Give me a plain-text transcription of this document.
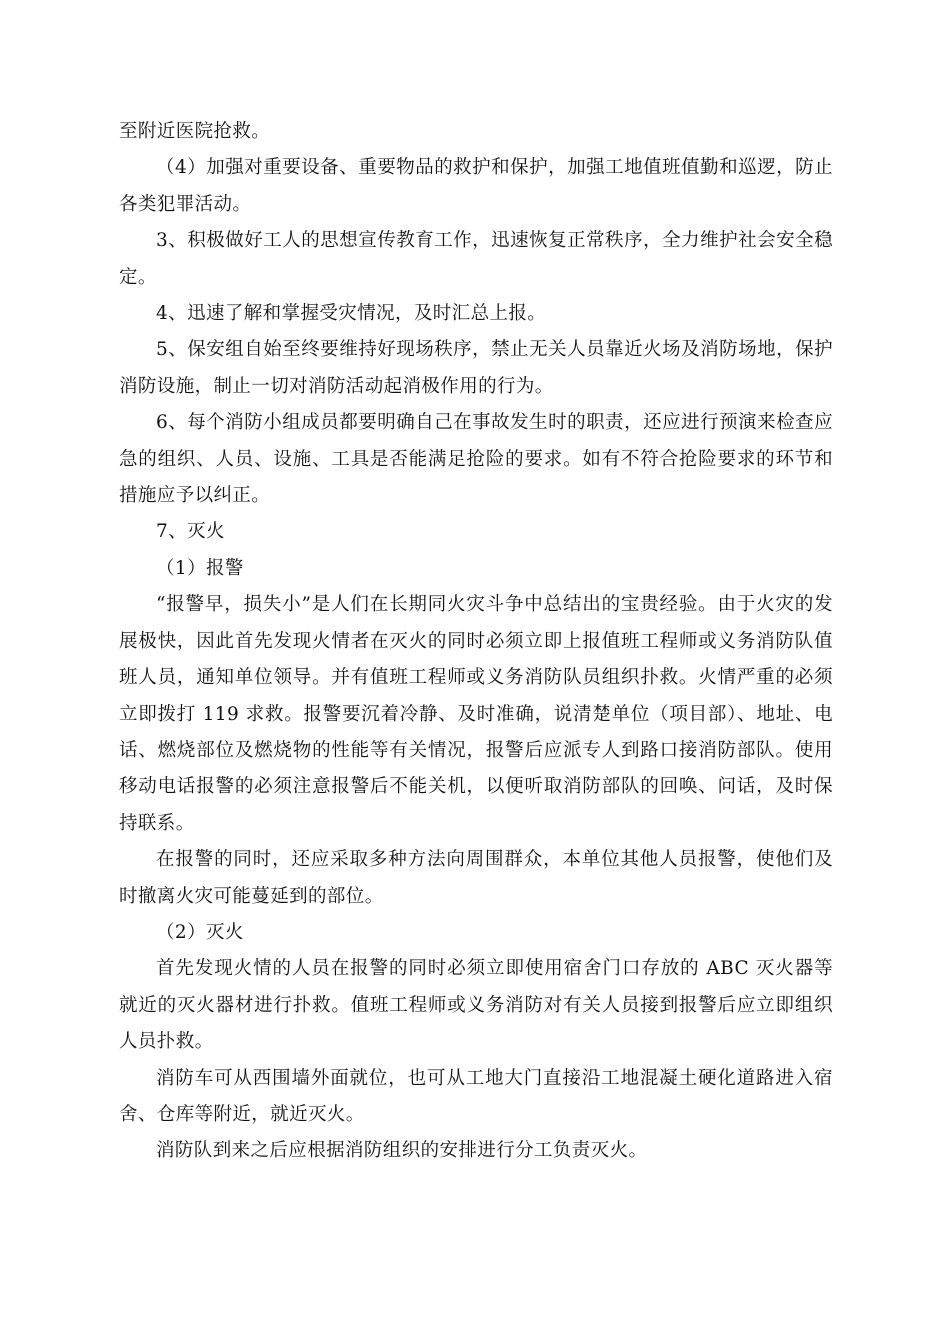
至附近医院抢救。

（4）加强对重要设备、重要物品的救护和保护，加强工地值班值勤和巡逻，防止各类犯罪活动。

3、积极做好工人的思想宣传教育工作，迅速恢复正常秩序，全力维护社会安全稳定。

4、迅速了解和掌握受灾情况，及时汇总上报。

5、保安组自始至终要维持好现场秩序，禁止无关人员靠近火场及消防场地，保护消防设施，制止一切对消防活动起消极作用的行为。

6、每个消防小组成员都要明确自己在事故发生时的职责，还应进行预演来检查应急的组织、人员、设施、工具是否能满足抢险的要求。如有不符合抢险要求的环节和措施应予以纠正。

7、灭火

（1）报警

“报警早，损失小”是人们在长期同火灾斗争中总结出的宝贵经验。由于火灾的发展极快，因此首先发现火情者在灭火的同时必须立即上报值班工程师或义务消防队值班人员，通知单位领导。并有值班工程师或义务消防队员组织扑救。火情严重的必须立即拨打 119 求救。报警要沉着冷静、及时准确，说清楚单位（项目部）、地址、电话、燃烧部位及燃烧物的性能等有关情况，报警后应派专人到路口接消防部队。使用移动电话报警的必须注意报警后不能关机，以便听取消防部队的回唤、问话，及时保持联系。

在报警的同时，还应采取多种方法向周围群众，本单位其他人员报警，使他们及时撤离火灾可能蔓延到的部位。

（2）灭火

首先发现火情的人员在报警的同时必须立即使用宿舍门口存放的 ABC 灭火器等就近的灭火器材进行扑救。值班工程师或义务消防对有关人员接到报警后应立即组织人员扑救。

消防车可从西围墙外面就位，也可从工地大门直接沿工地混凝土硬化道路进入宿舍、仓库等附近，就近灭火。

消防队到来之后应根据消防组织的安排进行分工负责灭火。
